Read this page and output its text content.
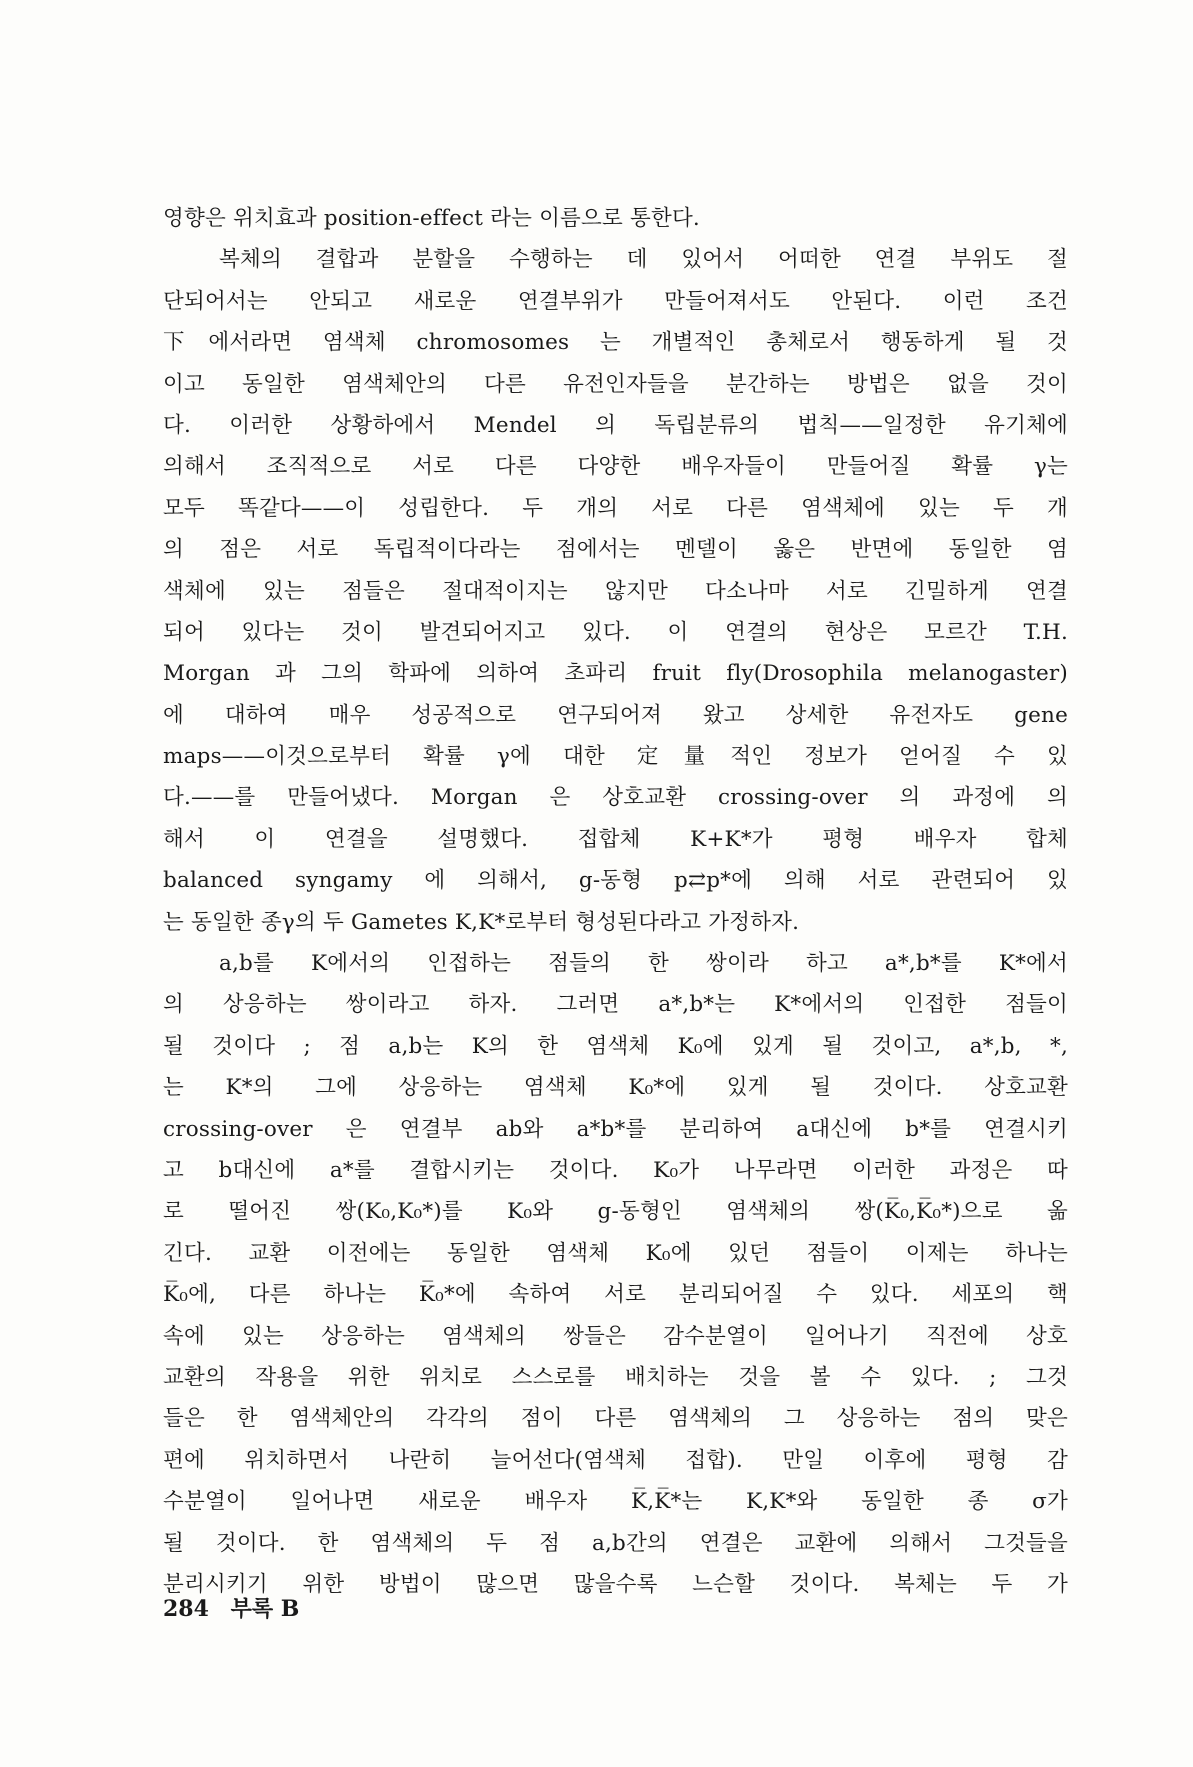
영향은 위치효과 position-effect 라는 이름으로 통한다.
복체의 결합과 분할을 수행하는 데 있어서 어떠한 연결 부위도 절
단되어서는 안되고 새로운 연결부위가 만들어져서도 안된다. 이런 조건
下에서라면 염색체 chromosomes 는 개별적인 총체로서 행동하게 될 것
이고 동일한 염색체안의 다른 유전인자들을 분간하는 방법은 없을 것이
다. 이러한 상황하에서 Mendel 의 독립분류의 법칙——일정한 유기체에
의해서 조직적으로 서로 다른 다양한 배우자들이 만들어질 확률 γ는
모두 똑같다——이 성립한다. 두 개의 서로 다른 염색체에 있는 두 개
의 점은 서로 독립적이다라는 점에서는 멘델이 옳은 반면에 동일한 염
색체에 있는 점들은 절대적이지는 않지만 다소나마 서로 긴밀하게 연결
되어 있다는 것이 발견되어지고 있다. 이 연결의 현상은 모르간 T.H.
Morgan 과 그의 학파에 의하여 초파리 fruit fly(Drosophila melanogaster)
에 대하여 매우 성공적으로 연구되어져 왔고 상세한 유전자도 gene
maps——이것으로부터 확률 γ에 대한 定量적인 정보가 얻어질 수 있
다.——를 만들어냈다. Morgan 은 상호교환 crossing-over 의 과정에 의
해서 이 연결을 설명했다. 접합체 K+K*가 평형 배우자 합체
balanced syngamy 에 의해서, g-동형 p⇄p*에 의해 서로 관련되어 있
는 동일한 종γ의 두 Gametes K,K*로부터 형성된다라고 가정하자.
a,b를 K에서의 인접하는 점들의 한 쌍이라 하고 a*,b*를 K*에서
의 상응하는 쌍이라고 하자. 그러면 a*,b*는 K*에서의 인접한 점들이
될 것이다 ; 점 a,b는 K의 한 염색체 K₀에 있게 될 것이고, a*,b, *,
는 K*의 그에 상응하는 염색체 K₀*에 있게 될 것이다. 상호교환
crossing-over 은 연결부 ab와 a*b*를 분리하여 a대신에 b*를 연결시키
고 b대신에 a*를 결합시키는 것이다. K₀가 나무라면 이러한 과정은 따
로 떨어진 쌍(K₀,K₀*)를 K₀와 g-동형인 염색체의 쌍(K̅₀,K̅₀*)으로 옮
긴다. 교환 이전에는 동일한 염색체 K₀에 있던 점들이 이제는 하나는
K̅₀에, 다른 하나는 K̅₀*에 속하여 서로 분리되어질 수 있다. 세포의 핵
속에 있는 상응하는 염색체의 쌍들은 감수분열이 일어나기 직전에 상호
교환의 작용을 위한 위치로 스스로를 배치하는 것을 볼 수 있다. ; 그것
들은 한 염색체안의 각각의 점이 다른 염색체의 그 상응하는 점의 맞은
편에 위치하면서 나란히 늘어선다(염색체 접합). 만일 이후에 평형 감
수분열이 일어나면 새로운 배우자 K̅,K̅*는 K,K*와 동일한 종 σ가
될 것이다. 한 염색체의 두 점 a,b간의 연결은 교환에 의해서 그것들을
분리시키기 위한 방법이 많으면 많을수록 느슨할 것이다. 복체는 두 가
284 부록 B
